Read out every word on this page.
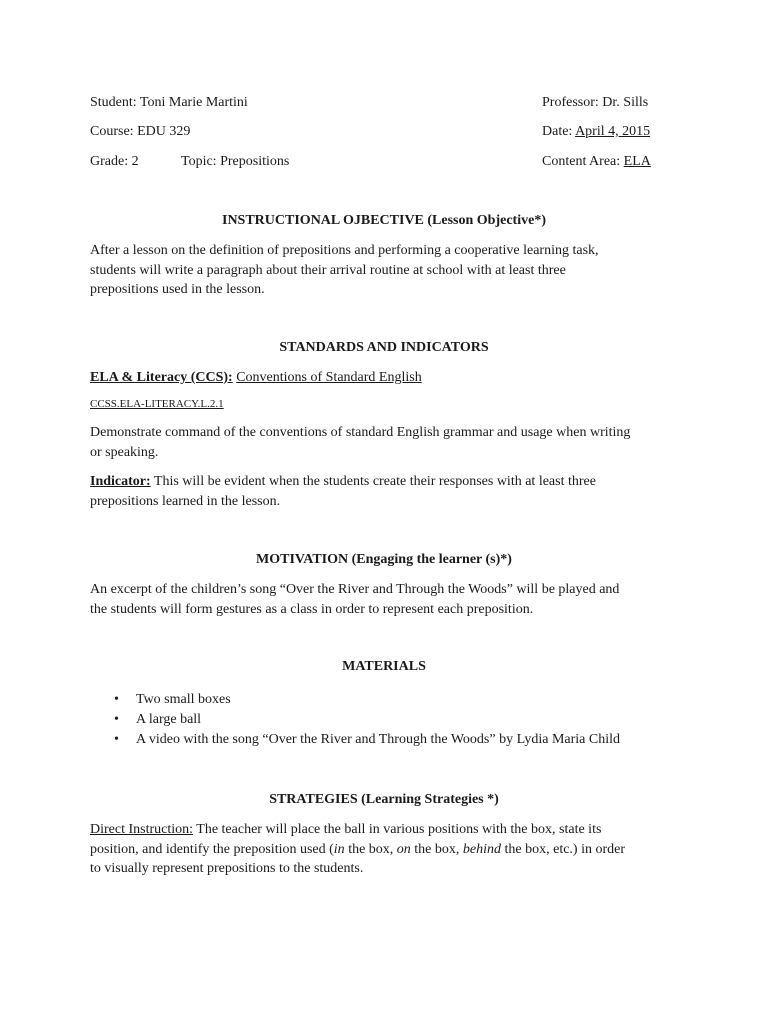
Student: Toni Marie Martini	Professor: Dr. Sills
Course: EDU 329	Date: April 4, 2015
Grade: 2	Topic: Prepositions	Content Area: ELA
INSTRUCTIONAL OJBECTIVE (Lesson Objective*)
After a lesson on the definition of prepositions and performing a cooperative learning task,
students will write a paragraph about their arrival routine at school with at least three
prepositions used in the lesson.
STANDARDS AND INDICATORS
ELA & Literacy (CCS): Conventions of Standard English
CCSS.ELA-LITERACY.L.2.1
Demonstrate command of the conventions of standard English grammar and usage when writing
or speaking.
Indicator: This will be evident when the students create their responses with at least three
prepositions learned in the lesson.
MOTIVATION (Engaging the learner (s)*)
An excerpt of the children’s song “Over the River and Through the Woods” will be played and
the students will form gestures as a class in order to represent each preposition.
MATERIALS
• Two small boxes
• A large ball
• A video with the song “Over the River and Through the Woods” by Lydia Maria Child
STRATEGIES (Learning Strategies *)
Direct Instruction: The teacher will place the ball in various positions with the box, state its
position, and identify the preposition used (in the box, on the box, behind the box, etc.) in order
to visually represent prepositions to the students.
